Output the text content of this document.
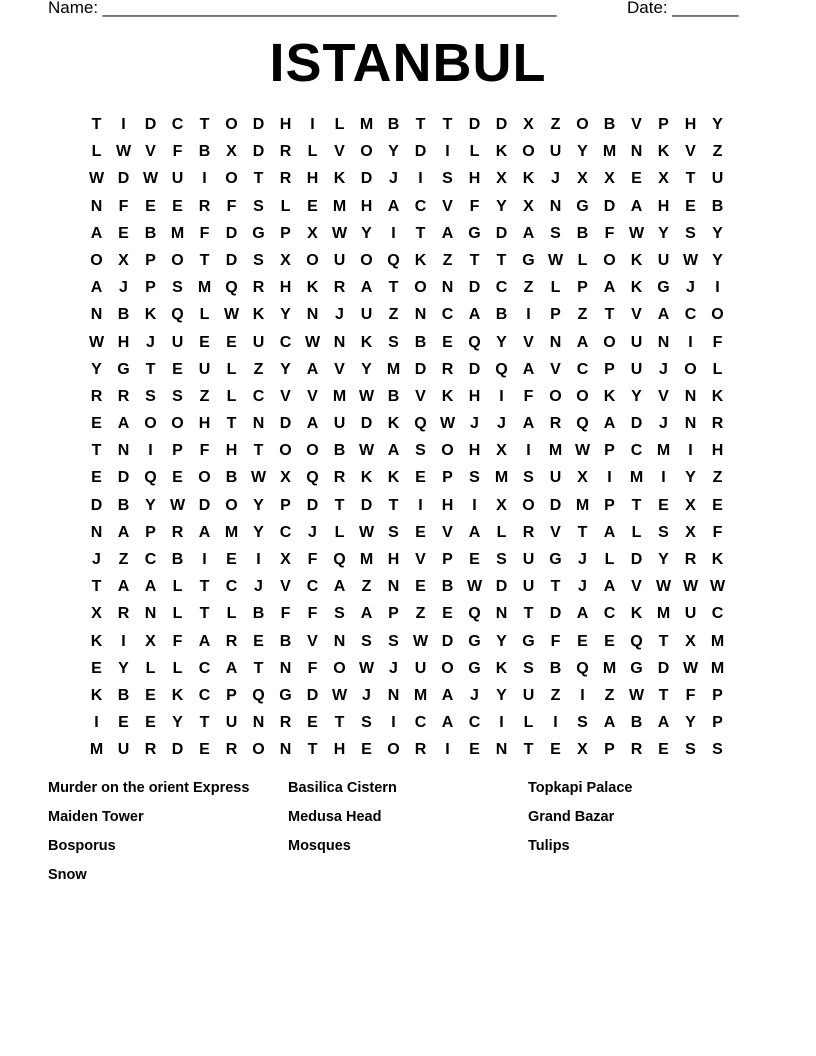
Name: ________________________________________________	Date: _______
ISTANBUL
T	I	D C	T O D H	I	L M B	T	T	D D X	Z O B V	P H Y
L W V	F	B X D R	L	V O Y D	I	L	K O U Y M N K V	Z
W D W U	I	O T	R H K D	J	I	S H X K	J	X	X	E	X	T	U
N	F	E	E R	F	S	L	E M H A C V	F	Y	X N G D A H E B
A E B M F	D G P	X W Y	I	T	A G D A S B	F W Y	S	Y
O X	P O T	D S	X O U O Q K	Z	T	T G W L O K U W Y
A	J	P	S M Q R H K R A	T O N D C	Z	L	P A K G	J	I
N B K Q L W K Y N	J	U	Z	N C A B	I	P	Z	T	V A C O
W H	J	U E	E U C W N K S B E Q Y	V N A O U N	I	F
Y G T	E U	L	Z	Y A V	Y M D R D Q A V C P U	J	O L
R R S	S	Z	L	C V	V M W B V K H	I	F O O K Y	V N K
E A O O H	T	N D A U D K Q W J	J	A R Q A D	J	N R
T	N	I	P	F	H	T O O B W A S O H X	I	M W P C M	I	H
E D Q E O B W X Q R K K E	P	S M S U X	I	M	I	Y	Z
D B Y W D O Y	P D	T	D	T	I	H	I	X O D M P	T	E	X	E
N A P R A M Y C	J	L W S	E	V A	L	R V	T	A	L	S	X	F
J	Z	C B	I	E	I	X	F Q M H V	P	E	S U G	J	L	D Y R K
T	A A	L	T	C	J	V C A	Z	N E B W D U	T	J	A V W W W
X R N	L	T	L	B	F	F	S A P	Z	E Q N	T	D A C K M U C
K	I	X	F	A R E B V N S	S W D G Y G F	E	E Q T	X M
E	Y	L	L	C A	T	N	F O W J	U O G K S B Q M G D W M
K B E K C P Q G D W J	N M A	J	Y U	Z	I	Z W T	F	P
I	E	E	Y	T	U N R E	T	S	I	C A C	I	L	I	S A B A Y	P
M U R D E R O N	T	H E O R	I	E N	T	E	X	P R E	S	S
Murder on the orient Express	Basilica Cistern	Topkapi Palace
Maiden Tower	Medusa Head	Grand Bazar
Bosporus	Mosques	Tulips
Snow
